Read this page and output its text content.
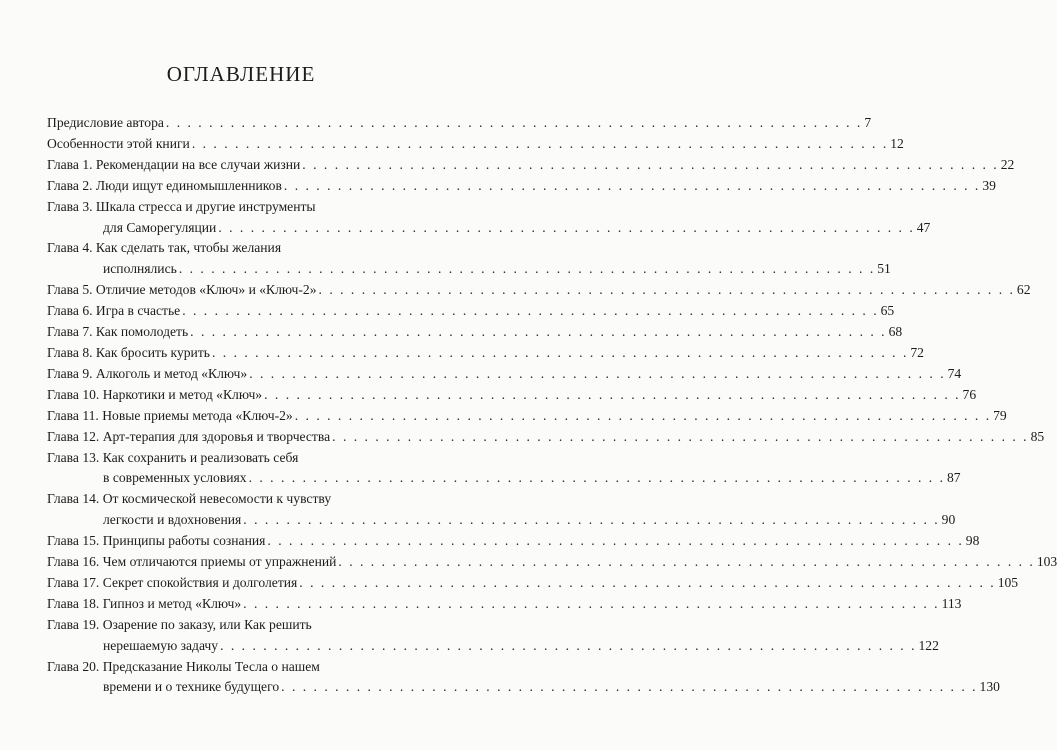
ОГЛАВЛЕНИЕ
Предисловие автора . . . . . . . . . . . . . . . . . . . . . . . . . . . . . . . . . . . . . . . . . . . . . . . . . . . . . . . . . . . . . . . . . 7
Особенности этой книги . . . . . . . . . . . . . . . . . . . . . . . . . . . . . . . . . . . . . . . . . . . . . . . . . . . . . . . . . . . . . . . . . 12
Глава 1. Рекомендации на все случаи жизни . . . . . . . . . . . . . . . . . . . . . . . . . . . . . . . . . . . . . . . . . . . . . . . . . . . . . . . . . . . . . . . . . 22
Глава 2. Люди ищут единомышленников . . . . . . . . . . . . . . . . . . . . . . . . . . . . . . . . . . . . . . . . . . . . . . . . . . . . . . . . . . . . . . . . . 39
Глава 3. Шкала стресса и другие инструменты
для Саморегуляции . . . . . . . . . . . . . . . . . . . . . . . . . . . . . . . . . . . . . . . . . . . . . . . . . . . . . . . . . . . . . . . . . 47
Глава 4. Как сделать так, чтобы желания
исполнялись . . . . . . . . . . . . . . . . . . . . . . . . . . . . . . . . . . . . . . . . . . . . . . . . . . . . . . . . . . . . . . . . . 51
Глава 5. Отличие методов «Ключ» и «Ключ-2» . . . . . . . . . . . . . . . . . . . . . . . . . . . . . . . . . . . . . . . . . . . . . . . . . . . . . . . . . . . . . . . . . 62
Глава 6. Игра в счастье . . . . . . . . . . . . . . . . . . . . . . . . . . . . . . . . . . . . . . . . . . . . . . . . . . . . . . . . . . . . . . . . . 65
Глава 7. Как помолодеть . . . . . . . . . . . . . . . . . . . . . . . . . . . . . . . . . . . . . . . . . . . . . . . . . . . . . . . . . . . . . . . . . 68
Глава 8. Как бросить курить . . . . . . . . . . . . . . . . . . . . . . . . . . . . . . . . . . . . . . . . . . . . . . . . . . . . . . . . . . . . . . . . . 72
Глава 9. Алкоголь и метод «Ключ» . . . . . . . . . . . . . . . . . . . . . . . . . . . . . . . . . . . . . . . . . . . . . . . . . . . . . . . . . . . . . . . . . 74
Глава 10. Наркотики и метод «Ключ» . . . . . . . . . . . . . . . . . . . . . . . . . . . . . . . . . . . . . . . . . . . . . . . . . . . . . . . . . . . . . . . . . 76
Глава 11. Новые приемы метода «Ключ-2» . . . . . . . . . . . . . . . . . . . . . . . . . . . . . . . . . . . . . . . . . . . . . . . . . . . . . . . . . . . . . . . . . 79
Глава 12. Арт-терапия для здоровья и творчества . . . . . . . . . . . . . . . . . . . . . . . . . . . . . . . . . . . . . . . . . . . . . . . . . . . . . . . . . . . . . . . . . 85
Глава 13. Как сохранить и реализовать себя
в современных условиях . . . . . . . . . . . . . . . . . . . . . . . . . . . . . . . . . . . . . . . . . . . . . . . . . . . . . . . . . . . . . . . . . 87
Глава 14. От космической невесомости к чувству
легкости и вдохновения . . . . . . . . . . . . . . . . . . . . . . . . . . . . . . . . . . . . . . . . . . . . . . . . . . . . . . . . . . . . . . . . . 90
Глава 15. Принципы работы сознания . . . . . . . . . . . . . . . . . . . . . . . . . . . . . . . . . . . . . . . . . . . . . . . . . . . . . . . . . . . . . . . . . 98
Глава 16. Чем отличаются приемы от упражнений . . . . . . . . . . . . . . . . . . . . . . . . . . . . . . . . . . . . . . . . . . . . . . . . . . . . . . . . . . . . . . . . . 103
Глава 17. Секрет спокойствия и долголетия . . . . . . . . . . . . . . . . . . . . . . . . . . . . . . . . . . . . . . . . . . . . . . . . . . . . . . . . . . . . . . . . . 105
Глава 18. Гипноз и метод «Ключ» . . . . . . . . . . . . . . . . . . . . . . . . . . . . . . . . . . . . . . . . . . . . . . . . . . . . . . . . . . . . . . . . . 113
Глава 19. Озарение по заказу, или Как решить
нерешаемую задачу . . . . . . . . . . . . . . . . . . . . . . . . . . . . . . . . . . . . . . . . . . . . . . . . . . . . . . . . . . . . . . . . . 122
Глава 20. Предсказание Николы Тесла о нашем
времени и о технике будущего . . . . . . . . . . . . . . . . . . . . . . . . . . . . . . . . . . . . . . . . . . . . . . . . . . . . . . . . . . . . . . . . . 130
